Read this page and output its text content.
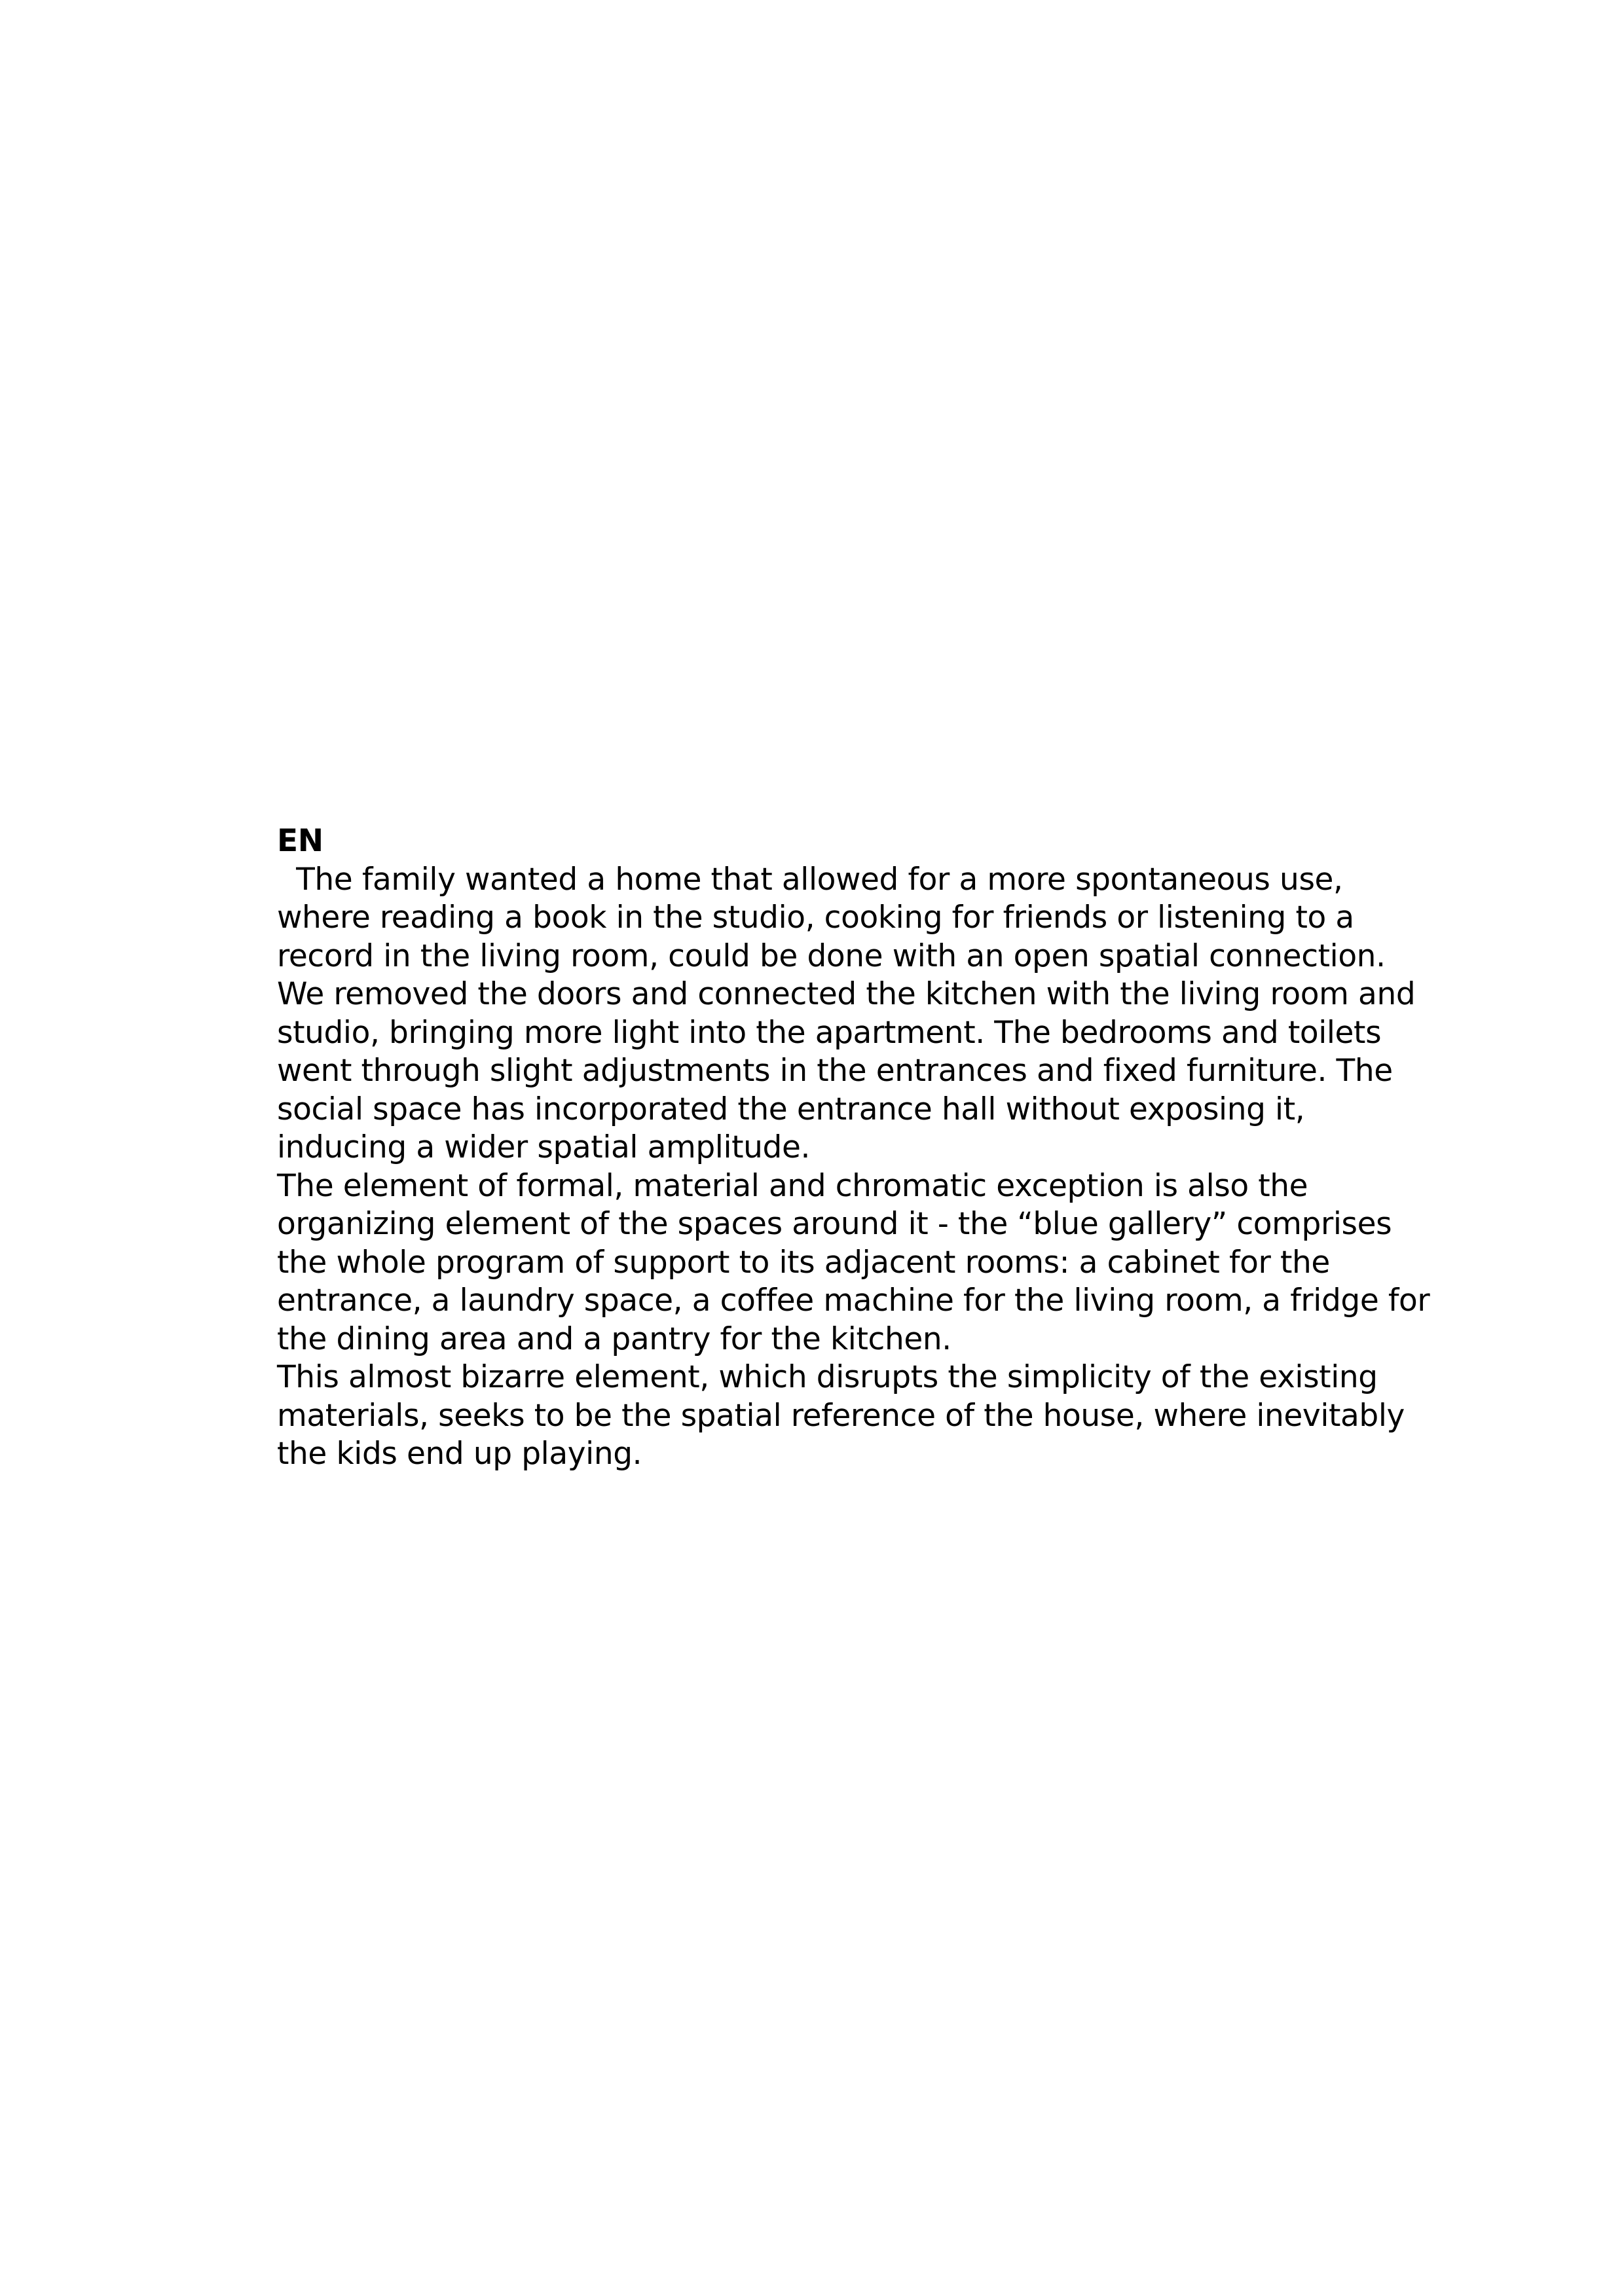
EN
The family wanted a home that allowed for a more spontaneous use,
where reading a book in the studio, cooking for friends or listening to a
record in the living room, could be done with an open spatial connection.
We removed the doors and connected the kitchen with the living room and
studio, bringing more light into the apartment. The bedrooms and toilets
went through slight adjustments in the entrances and fixed furniture. The
social space has incorporated the entrance hall without exposing it,
inducing a wider spatial amplitude.
The element of formal, material and chromatic exception is also the
organizing element of the spaces around it - the “blue gallery” comprises
the whole program of support to its adjacent rooms: a cabinet for the
entrance, a laundry space, a coffee machine for the living room, a fridge for
the dining area and a pantry for the kitchen.
This almost bizarre element, which disrupts the simplicity of the existing
materials, seeks to be the spatial reference of the house, where inevitably
the kids end up playing.
